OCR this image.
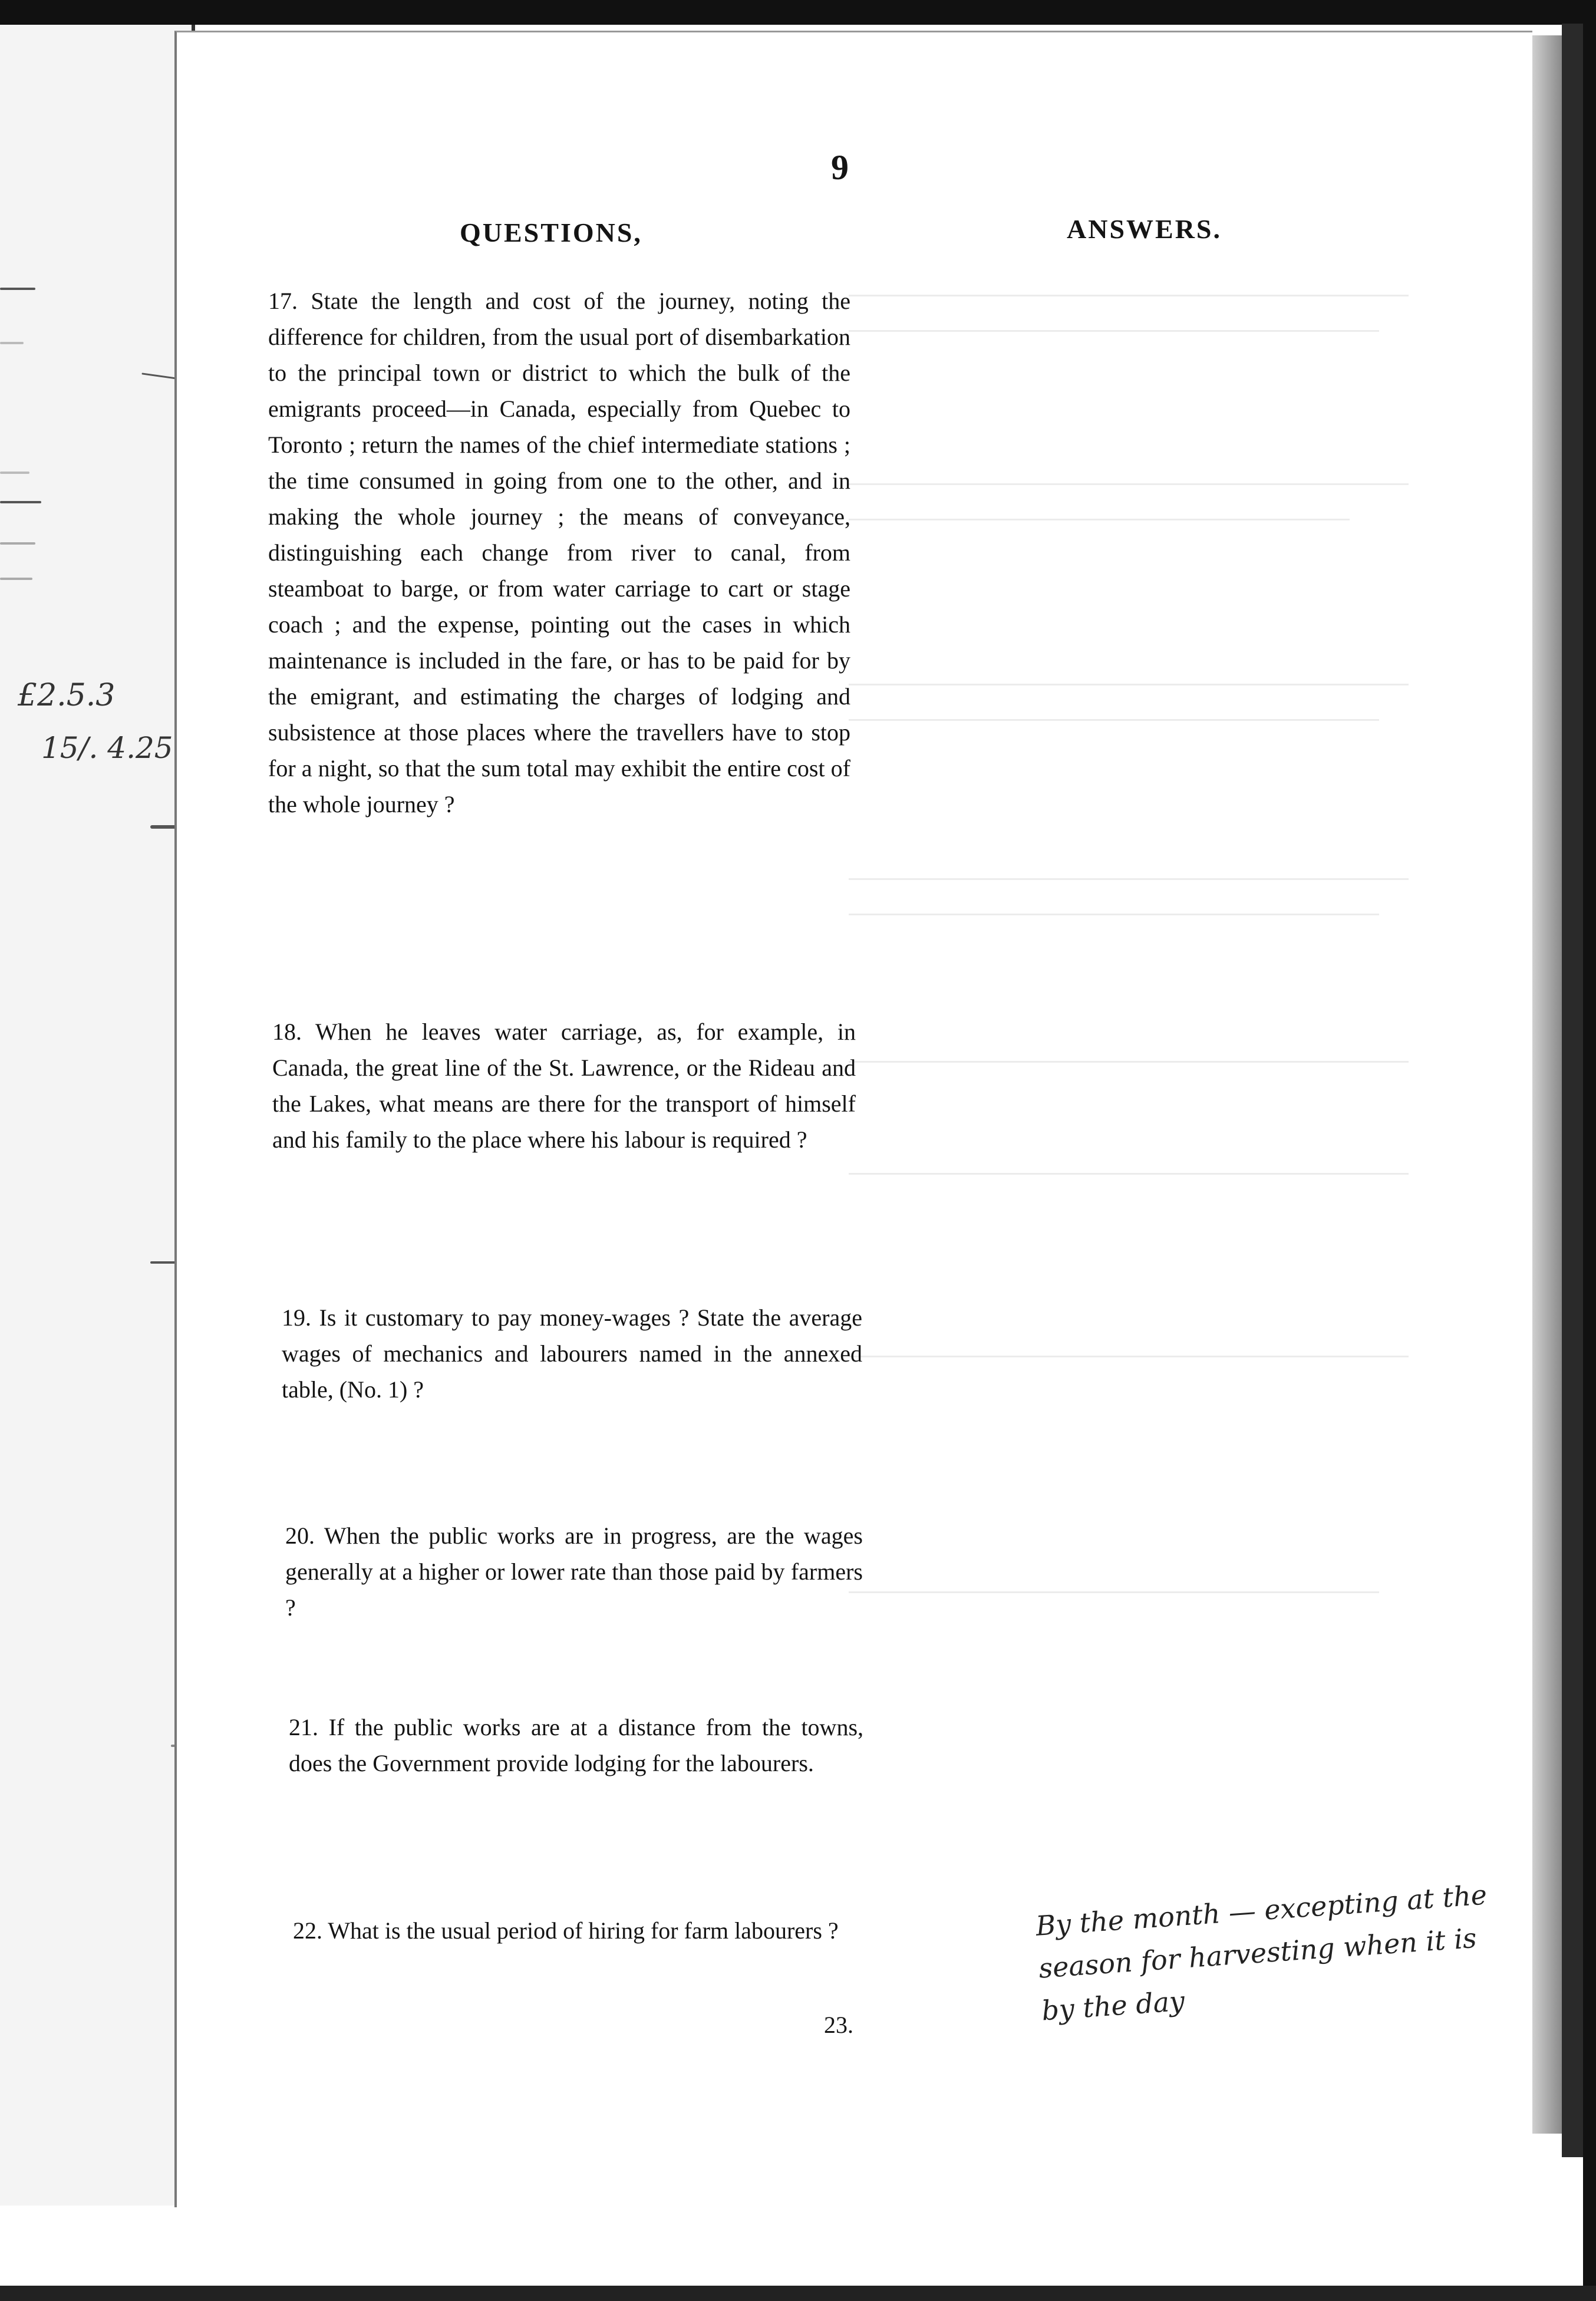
£2.5.3
15/. 4.25
9
QUESTIONS,	ANSWERS.
17. State the length and cost of the journey, noting the difference for children, from the usual port of disembarkation to the principal town or district to which the bulk of the emigrants proceed—in Canada, especially from Quebec to Toronto ; return the names of the chief intermediate stations ; the time consumed in going from one to the other, and in making the whole journey ; the means of conveyance, distinguishing each change from river to canal, from steamboat to barge, or from water carriage to cart or stage coach ; and the expense, pointing out the cases in which maintenance is included in the fare, or has to be paid for by the emigrant, and estimating the charges of lodging and subsistence at those places where the travellers have to stop for a night, so that the sum total may exhibit the entire cost of the whole journey ?
18. When he leaves water carriage, as, for example, in Canada, the great line of the St. Lawrence, or the Rideau and the Lakes, what means are there for the transport of himself and his family to the place where his labour is required ?
19. Is it customary to pay money-wages ? State the average wages of mechanics and labourers named in the annexed table, (No. 1) ?
20. When the public works are in progress, are the wages generally at a higher or lower rate than those paid by farmers ?
21. If the public works are at a distance from the towns, does the Government provide lodging for the labourers.
22. What is the usual period of hiring for farm labourers ?	By the month — excepting at the season for harvesting when it is by the day
23.
